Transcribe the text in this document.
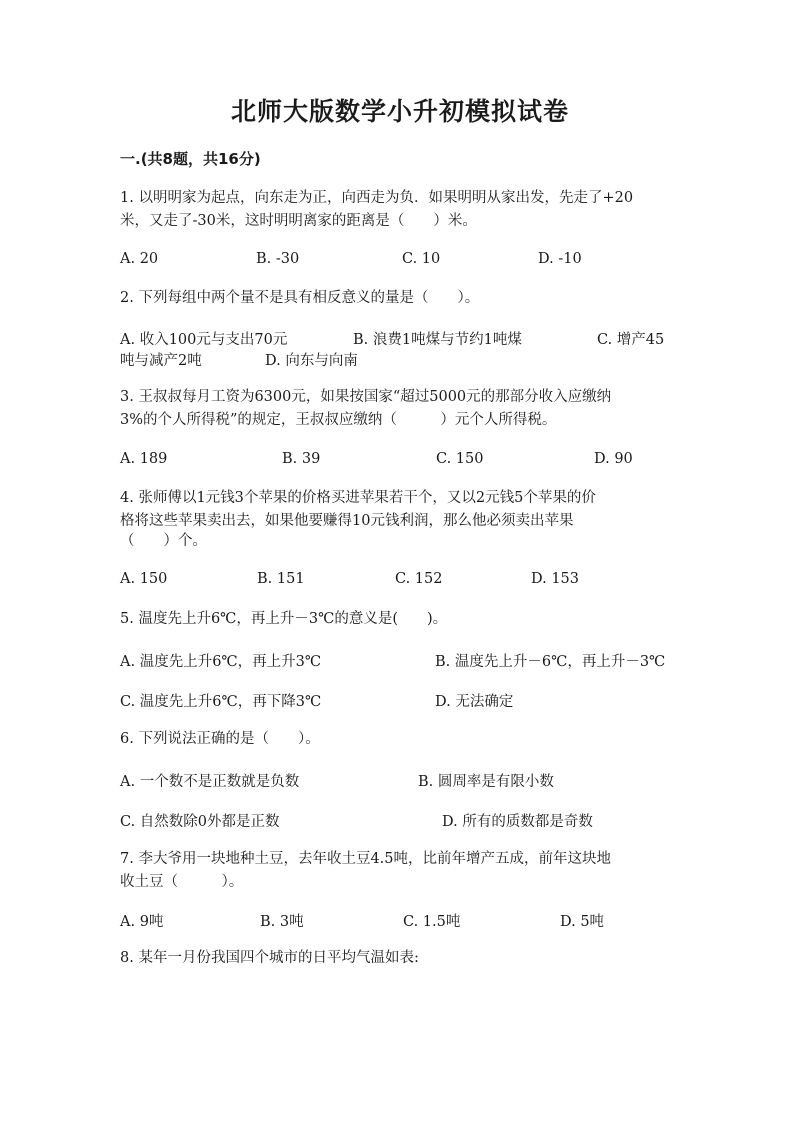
北师大版数学小升初模拟试卷
一.(共8题，共16分)
1. 以明明家为起点，向东走为正，向西走为负．如果明明从家出发，先走了+20
米，又走了-30米，这时明明离家的距离是（　　）米。
A. 20	B. -30	C. 10	D. -10
2. 下列每组中两个量不是具有相反意义的量是（　　）。
A. 收入100元与支出70元	B. 浪费1吨煤与节约1吨煤	C. 增产45
吨与减产2吨	D. 向东与向南
3. 王叔叔每月工资为6300元，如果按国家“超过5000元的那部分收入应缴纳
3%的个人所得税”的规定，王叔叔应缴纳（　　　）元个人所得税。
A. 189	B. 39	C. 150	D. 90
4. 张师傅以1元钱3个苹果的价格买进苹果若干个，又以2元钱5个苹果的价
格将这些苹果卖出去，如果他要赚得10元钱利润，那么他必须卖出苹果
（　　）个。
A. 150	B. 151	C. 152	D. 153
5. 温度先上升6℃，再上升－3℃的意义是(　　)。
A. 温度先上升6℃，再上升3℃	B. 温度先上升－6℃，再上升－3℃
C. 温度先上升6℃，再下降3℃	D. 无法确定
6. 下列说法正确的是（　　）。
A. 一个数不是正数就是负数	B. 圆周率是有限小数
C. 自然数除0外都是正数	D. 所有的质数都是奇数
7. 李大爷用一块地种土豆，去年收土豆4.5吨，比前年增产五成，前年这块地
收土豆（　　　）。
A. 9吨	B. 3吨	C. 1.5吨	D. 5吨
8. 某年一月份我国四个城市的日平均气温如表:
